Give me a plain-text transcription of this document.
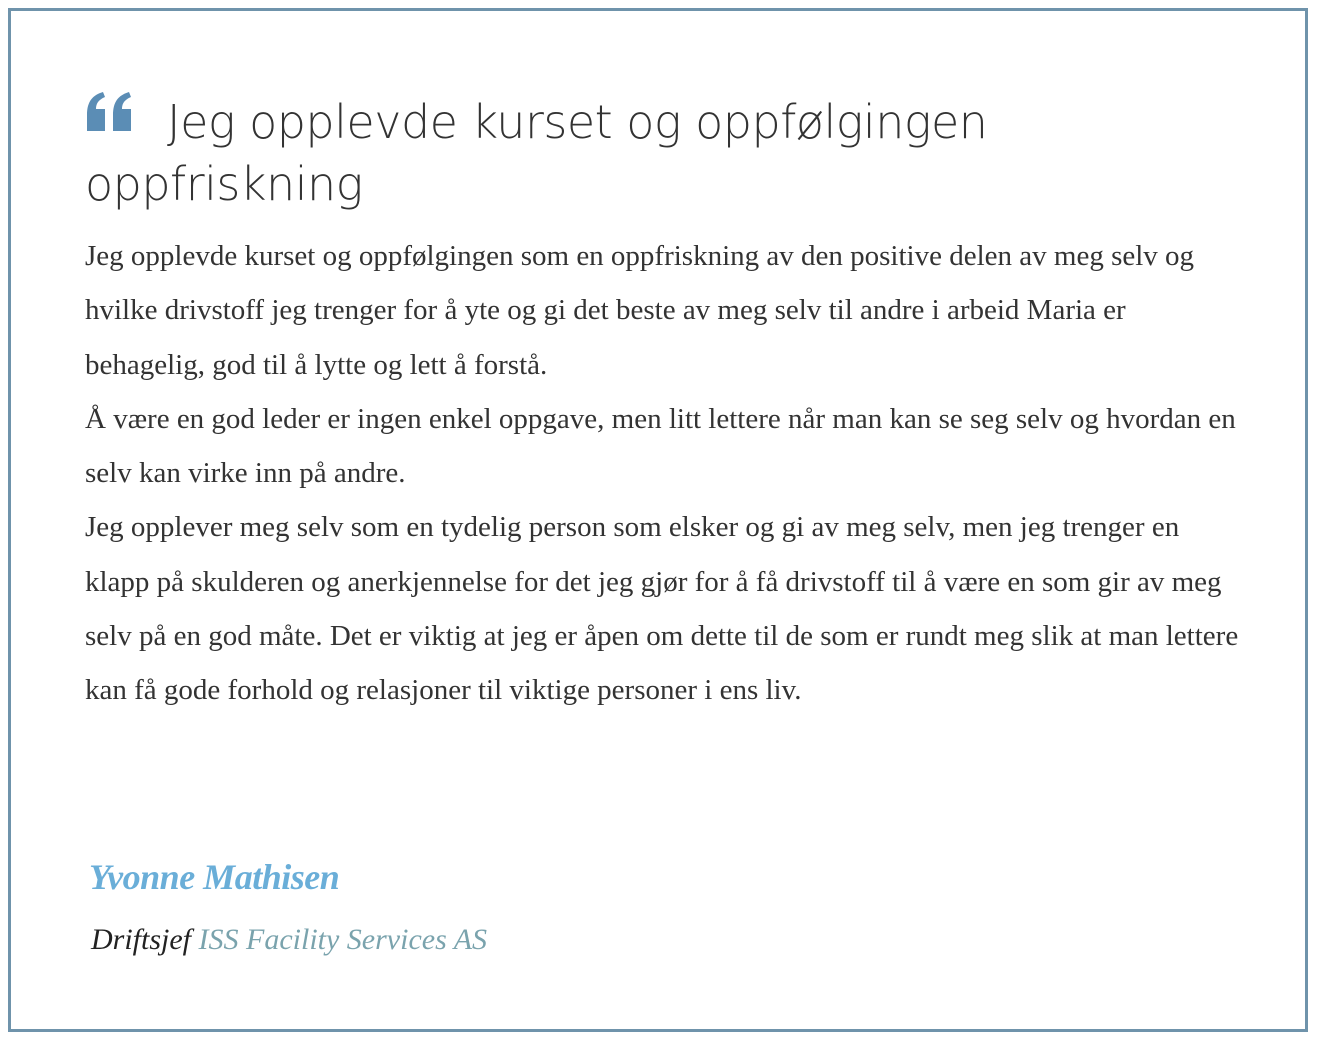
Jeg opplevde kurset og oppfølgingen oppfriskning

Jeg opplevde kurset og oppfølgingen som en oppfriskning av den positive delen av meg selv og hvilke drivstoff jeg trenger for å yte og gi det beste av meg selv til andre i arbeid Maria er behagelig, god til å lytte og lett å forstå.

Å være en god leder er ingen enkel oppgave, men litt lettere når man kan se seg selv og hvordan en selv kan virke inn på andre.

Jeg opplever meg selv som en tydelig person som elsker og gi av meg selv, men jeg trenger en klapp på skulderen og anerkjennelse for det jeg gjør for å få drivstoff til å være en som gir av meg selv på en god måte. Det er viktig at jeg er åpen om dette til de som er rundt meg slik at man lettere kan få gode forhold og relasjoner til viktige personer i ens liv.

Yvonne Mathisen
Driftsjef ISS Facility Services AS
